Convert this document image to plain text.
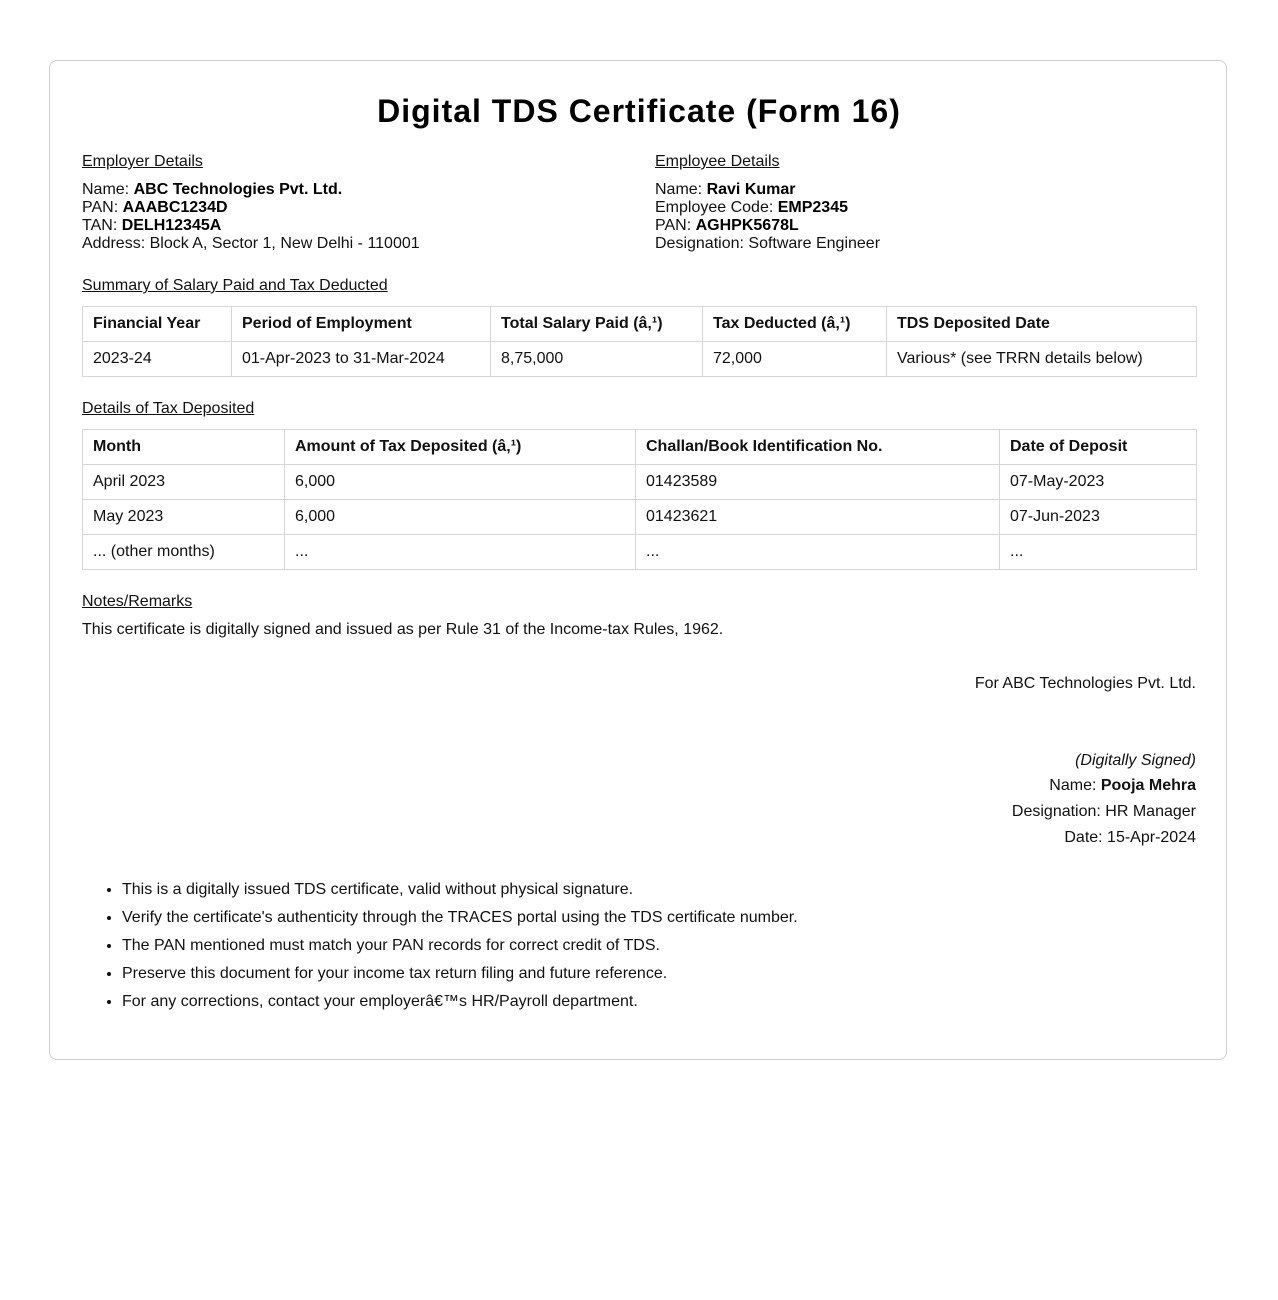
Digital TDS Certificate (Form 16)
Employer Details
Name: ABC Technologies Pvt. Ltd.
PAN: AAABC1234D
TAN: DELH12345A
Address: Block A, Sector 1, New Delhi - 110001
Employee Details
Name: Ravi Kumar
Employee Code: EMP2345
PAN: AGHPK5678L
Designation: Software Engineer
Summary of Salary Paid and Tax Deducted
Financial Year	Period of Employment	Total Salary Paid (â‚¹)	Tax Deducted (â‚¹)	TDS Deposited Date
2023-24	01-Apr-2023 to 31-Mar-2024	8,75,000	72,000	Various* (see TRRN details below)
Details of Tax Deposited
Month	Amount of Tax Deposited (â‚¹)	Challan/Book Identification No.	Date of Deposit
April 2023	6,000	01423589	07-May-2023
May 2023	6,000	01423621	07-Jun-2023
... (other months)	...	...	...
Notes/Remarks
This certificate is digitally signed and issued as per Rule 31 of the Income-tax Rules, 1962.
For ABC Technologies Pvt. Ltd.
(Digitally Signed)
Name: Pooja Mehra
Designation: HR Manager
Date: 15-Apr-2024
• This is a digitally issued TDS certificate, valid without physical signature.
• Verify the certificate's authenticity through the TRACES portal using the TDS certificate number.
• The PAN mentioned must match your PAN records for correct credit of TDS.
• Preserve this document for your income tax return filing and future reference.
• For any corrections, contact your employerâ€™s HR/Payroll department.
